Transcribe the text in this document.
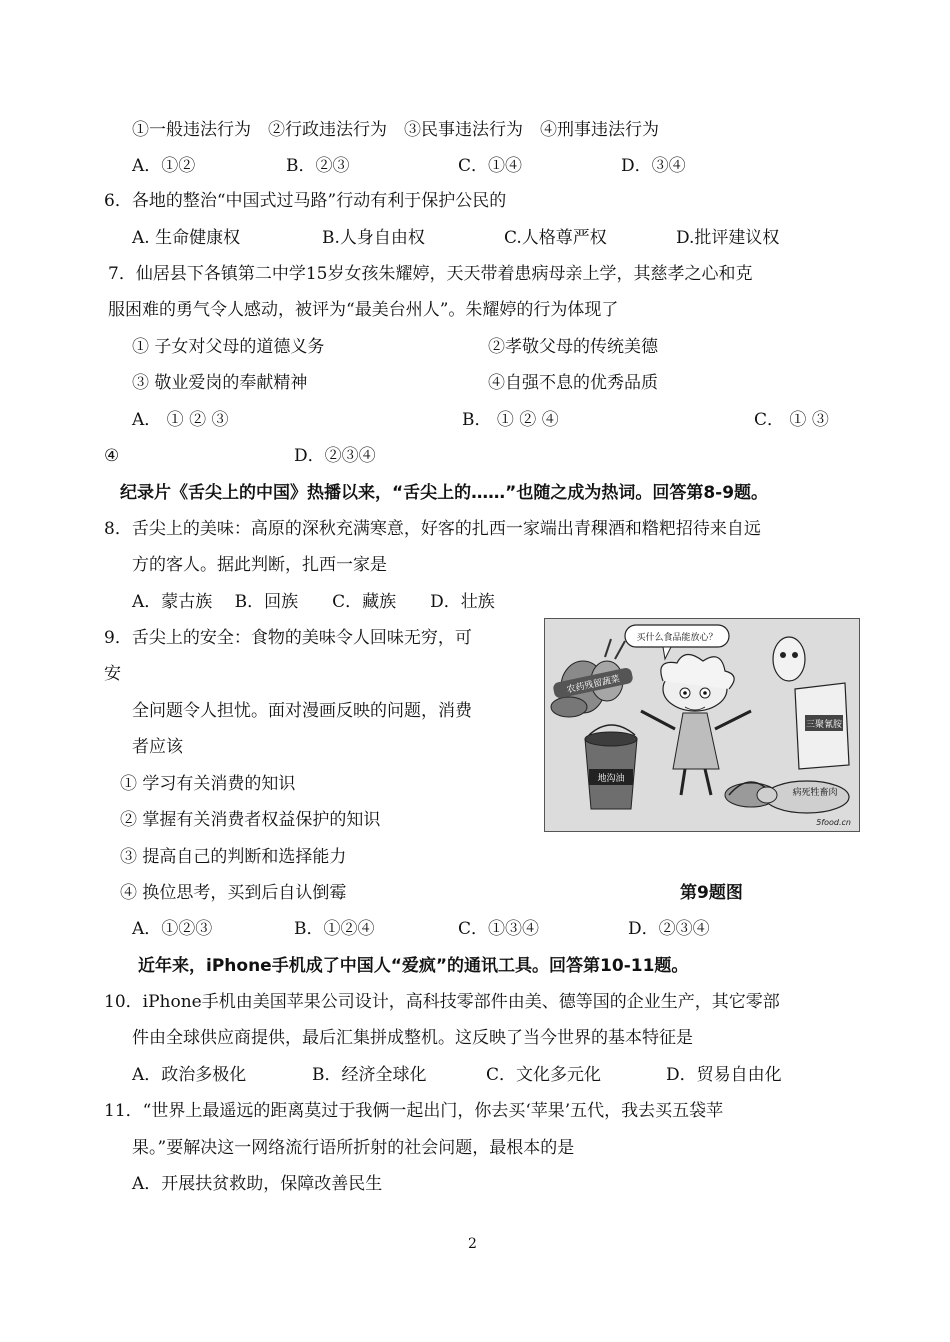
①一般违法行为　②行政违法行为　③民事违法行为　④刑事违法行为
A．①②	B．②③	C．①④	D．③④
6．各地的整治“中国式过马路”行动有利于保护公民的
A. 生命健康权	B.人身自由权	C.人格尊严权	D.批评建议权
7．仙居县下各镇第二中学15岁女孩朱耀婷，天天带着患病母亲上学，其慈孝之心和克
服困难的勇气令人感动，被评为“最美台州人”。朱耀婷的行为体现了
① 子女对父母的道德义务	②孝敬父母的传统美德
③ 敬业爱岗的奉献精神	④自强不息的优秀品质
A． ① ② ③	B． ① ② ④	C． ① ③
④	D．②③④
纪录片《舌尖上的中国》热播以来，“舌尖上的……”也随之成为热词。回答第8-9题。
8．舌尖上的美味：高原的深秋充满寒意，好客的扎西一家端出青稞酒和糌粑招待来自远
方的客人。据此判断，扎西一家是
A．蒙古族　 B．回族　　C．藏族　　D．壮族
9．舌尖上的安全：食物的美味令人回味无穷，可
安
全问题令人担忧。面对漫画反映的问题，消费
者应该
① 学习有关消费的知识
② 掌握有关消费者权益保护的知识
③ 提高自己的判断和选择能力
④ 换位思考，买到后自认倒霉	第9题图
A．①②③	B．①②④	C．①③④	D．②③④
买什么食品能放心？
农药残留蔬菜
地沟油
三聚氰胺
病死牲畜肉
5food.cn
近年来，iPhone手机成了中国人“爱疯”的通讯工具。回答第10-11题。
10．iPhone手机由美国苹果公司设计，高科技零部件由美、德等国的企业生产，其它零部
件由全球供应商提供，最后汇集拼成整机。这反映了当今世界的基本特征是
A．政治多极化	B．经济全球化	C．文化多元化	D．贸易自由化
11．“世界上最遥远的距离莫过于我俩一起出门，你去买‘苹果’五代，我去买五袋苹
果。”要解决这一网络流行语所折射的社会问题，最根本的是
A．开展扶贫救助，保障改善民生
2
